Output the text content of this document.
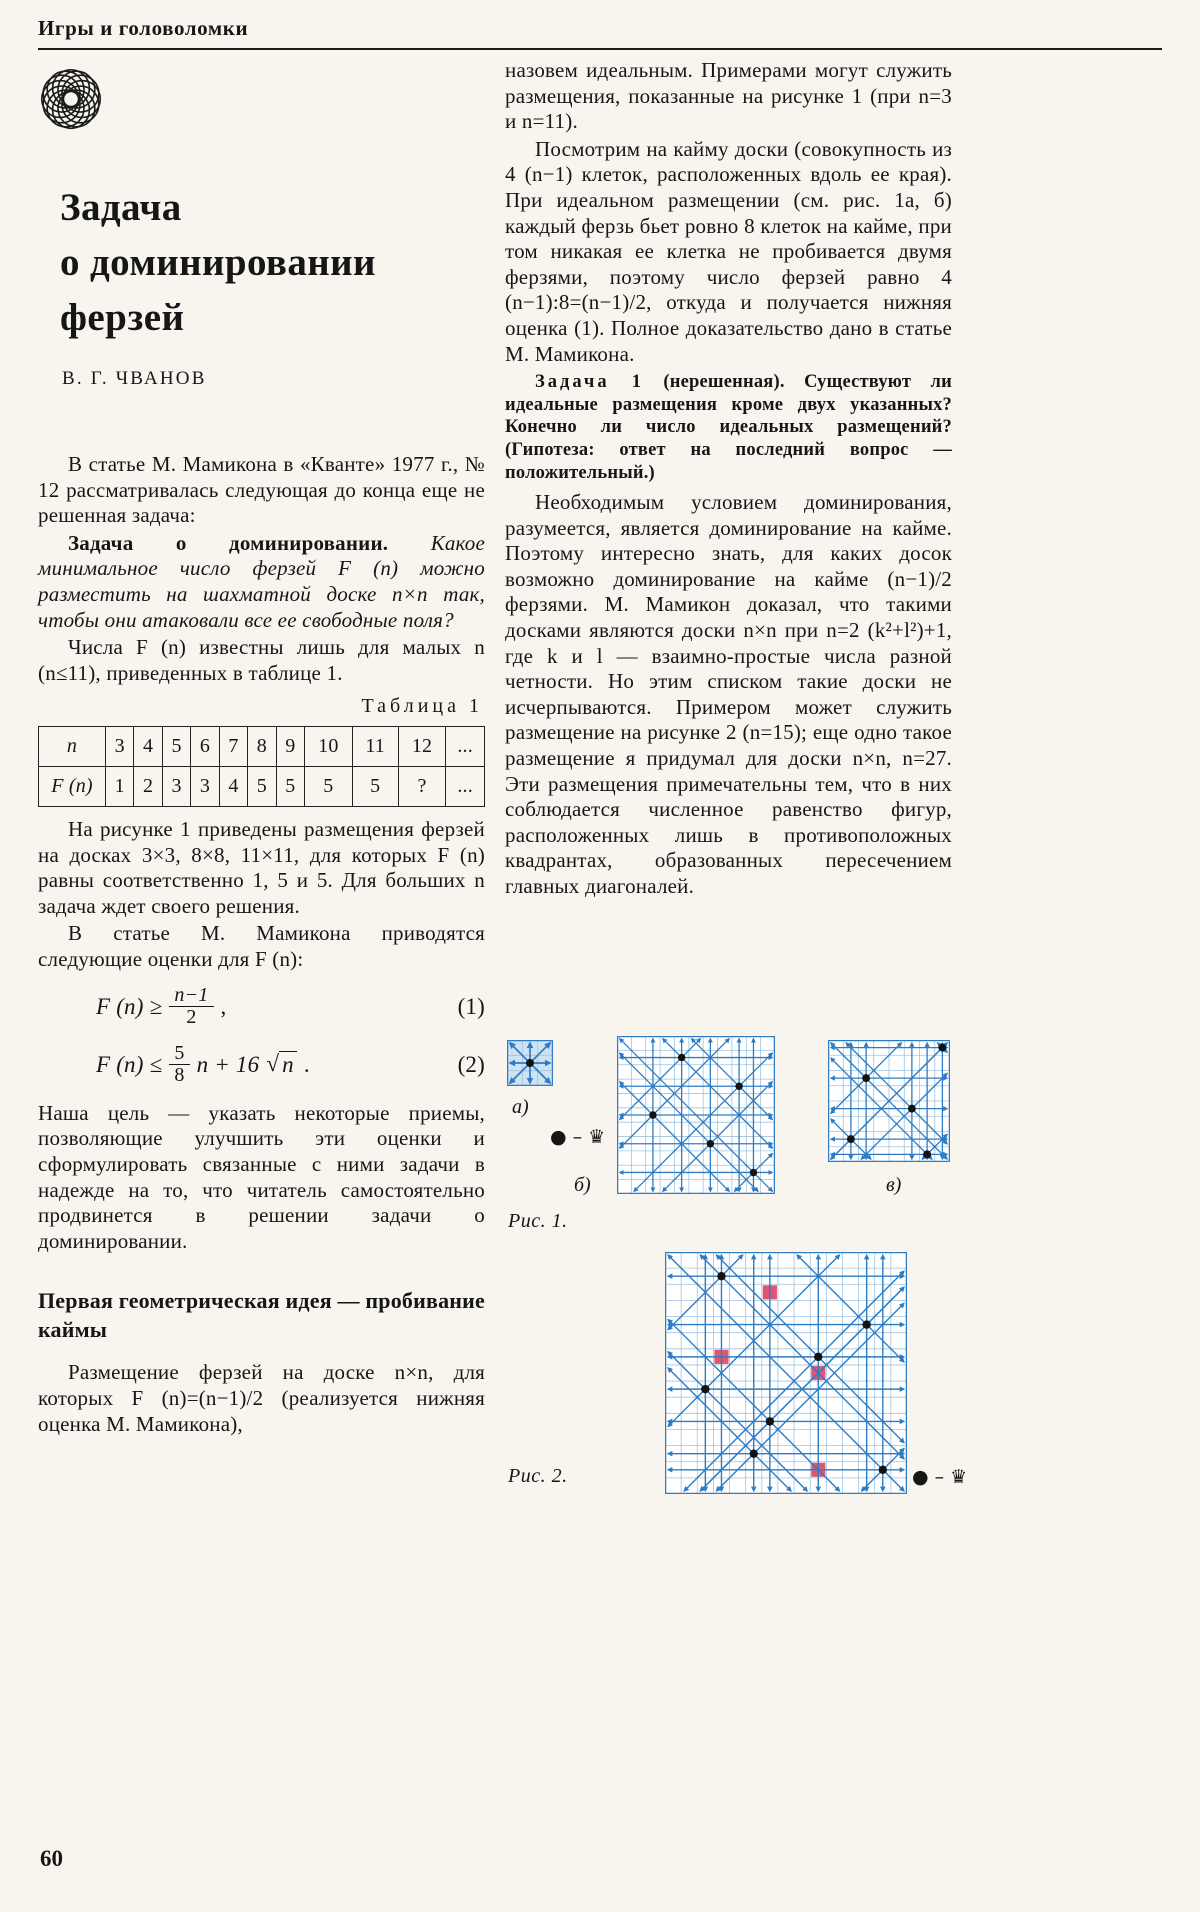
Игры и головоломки
Задача
о доминировании
ферзей
В. Г. ЧВАНОВ

В статье М. Мамикона в «Кванте» 1977 г., № 12 рассматривалась следующая до конца еще не решенная задача:

Задача о доминировании. Какое минимальное число ферзей F (n) можно разместить на шахматной доске n×n так, чтобы они атаковали все ее свободные поля?

Числа F (n) известны лишь для малых n (n≤11), приведенных в таблице 1.

Таблица 1
n	3	4	5	6	7	8	9	10	11	12	...
F (n)	1	2	3	3	4	5	5	5	5	?	...

На рисунке 1 приведены размещения ферзей на досках 3×3, 8×8, 11×11, для которых F (n) равны соответственно 1, 5 и 5. Для больших n задача ждет своего решения.

В статье М. Мамикона приводятся следующие оценки для F (n):

F $(n) \ge \frac{n-1}{2}$ ,	(1)
F $(n) \le \frac{5}{8}$ n + 16 √ n .	(2)

Наша цель — указать некоторые приемы, позволяющие улучшить эти оценки и сформулировать связанные с ними задачи в надежде на то, что читатель самостоятельно продвинется в решении задачи о доминировании.

Первая геометрическая идея — пробивание каймы

Размещение ферзей на доске n×n, для которых F (n)=(n−1)/2 (реализуется нижняя оценка М. Мамикона),

назовем идеальным. Примерами могут служить размещения, показанные на рисунке 1 (при n=3 и n=11).

Посмотрим на кайму доски (совокупность из 4 (n−1) клеток, расположенных вдоль ее края). При идеальном размещении (см. рис. 1а, б) каждый ферзь бьет ровно 8 клеток на кайме, при том никакая ее клетка не пробивается двумя ферзями, поэтому число ферзей равно 4 (n−1):8=(n−1)/2, откуда и получается нижняя оценка (1). Полное доказательство дано в статье М. Мамикона.

Задача 1 (нерешенная). Существуют ли идеальные размещения кроме двух указанных? Конечно ли число идеальных размещений? (Гипотеза: ответ на последний вопрос — положительный.)

Необходимым условием доминирования, разумеется, является доминирование на кайме. Поэтому интересно знать, для каких досок возможно доминирование на кайме (n−1)/2 ферзями. М. Мамикон доказал, что такими досками являются доски n×n при n=2 (k²+l²)+1, где k и l — взаимно-простые числа разной четности. Но этим списком такие доски не исчерпываются. Примером может служить размещение на рисунке 2 (n=15); еще одно такое размещение я придумал для доски n×n, n=27. Эти размещения примечательны тем, что в них соблюдается численное равенство фигур, расположенных лишь в противоположных квадрантах, образованных пересечением главных диагоналей.

а)
● – ♛
б)	в)
Рис. 1.
● – ♛
Рис. 2.
60
